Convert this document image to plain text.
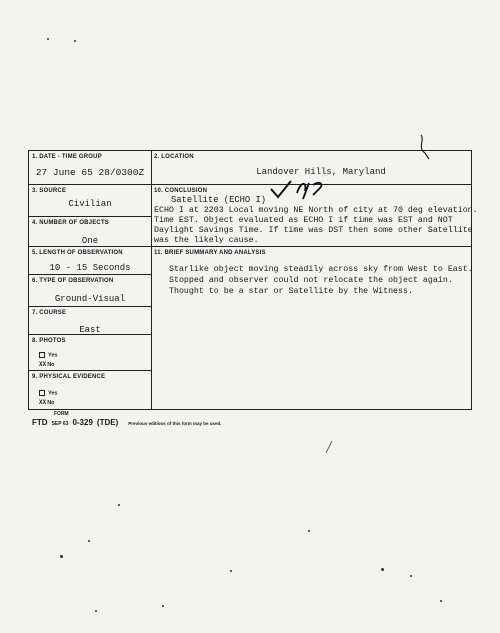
1. DATE - TIME GROUP
27 June 65 28/0300Z
3. SOURCE
Civilian
4. NUMBER OF OBJECTS
One
5. LENGTH OF OBSERVATION
10 - 15 Seconds
6. TYPE OF OBSERVATION
Ground-Visual
7. COURSE
East
8. PHOTOS
Yes
XXNo
9. PHYSICAL EVIDENCE
Yes
XXNo
2. LOCATION
Landover Hills, Maryland
10. CONCLUSION
Satellite (ECHO I)
ECHO I at 2203 Local moving NE North of city at 70 deg elevation.
Time EST. Object evaluated as ECHO I if time was EST and NOT
Daylight Savings Time. If time was DST then some other Satellite
was the likely cause.
11. BRIEF SUMMARY AND ANALYSIS
Starlike object moving steadily across sky from West to East.
Stopped and observer could not relocate the object again.
Thought to be a star or Satellite by the Witness.
FORM
FTD SEP 63 0-329 (TDE) Previous editions of this form may be used.
